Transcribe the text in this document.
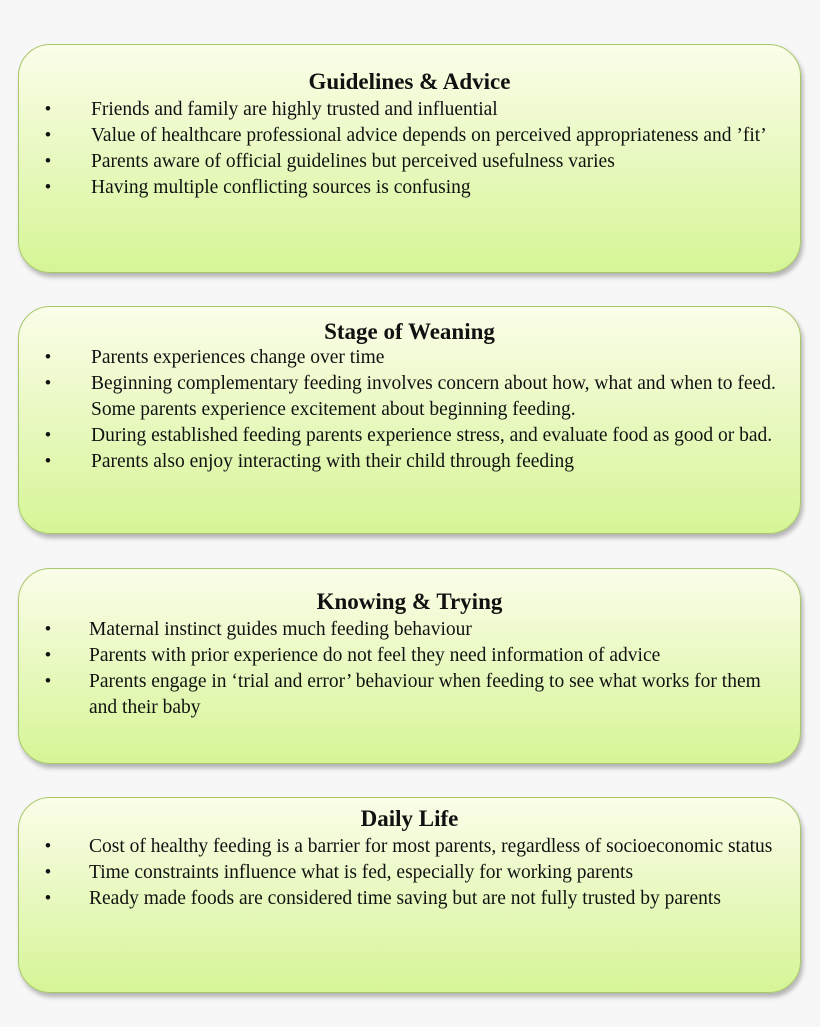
Guidelines & Advice
• Friends and family are highly trusted and influential
• Value of healthcare professional advice depends on perceived appropriateness and ’fit’
• Parents aware of official guidelines but perceived usefulness varies
• Having multiple conflicting sources is confusing
Stage of Weaning
• Parents experiences change over time
• Beginning complementary feeding involves concern about how, what and when to feed. Some parents experience excitement about beginning feeding.
• During established feeding parents experience stress, and evaluate food as good or bad.
• Parents also enjoy interacting with their child through feeding
Knowing & Trying
• Maternal instinct guides much feeding behaviour
• Parents with prior experience do not feel they need information of advice
• Parents engage in ‘trial and error’ behaviour when feeding to see what works for them and their baby
Daily Life
• Cost of healthy feeding is a barrier for most parents, regardless of socioeconomic status
• Time constraints influence what is fed, especially for working parents
• Ready made foods are considered time saving but are not fully trusted by parents
